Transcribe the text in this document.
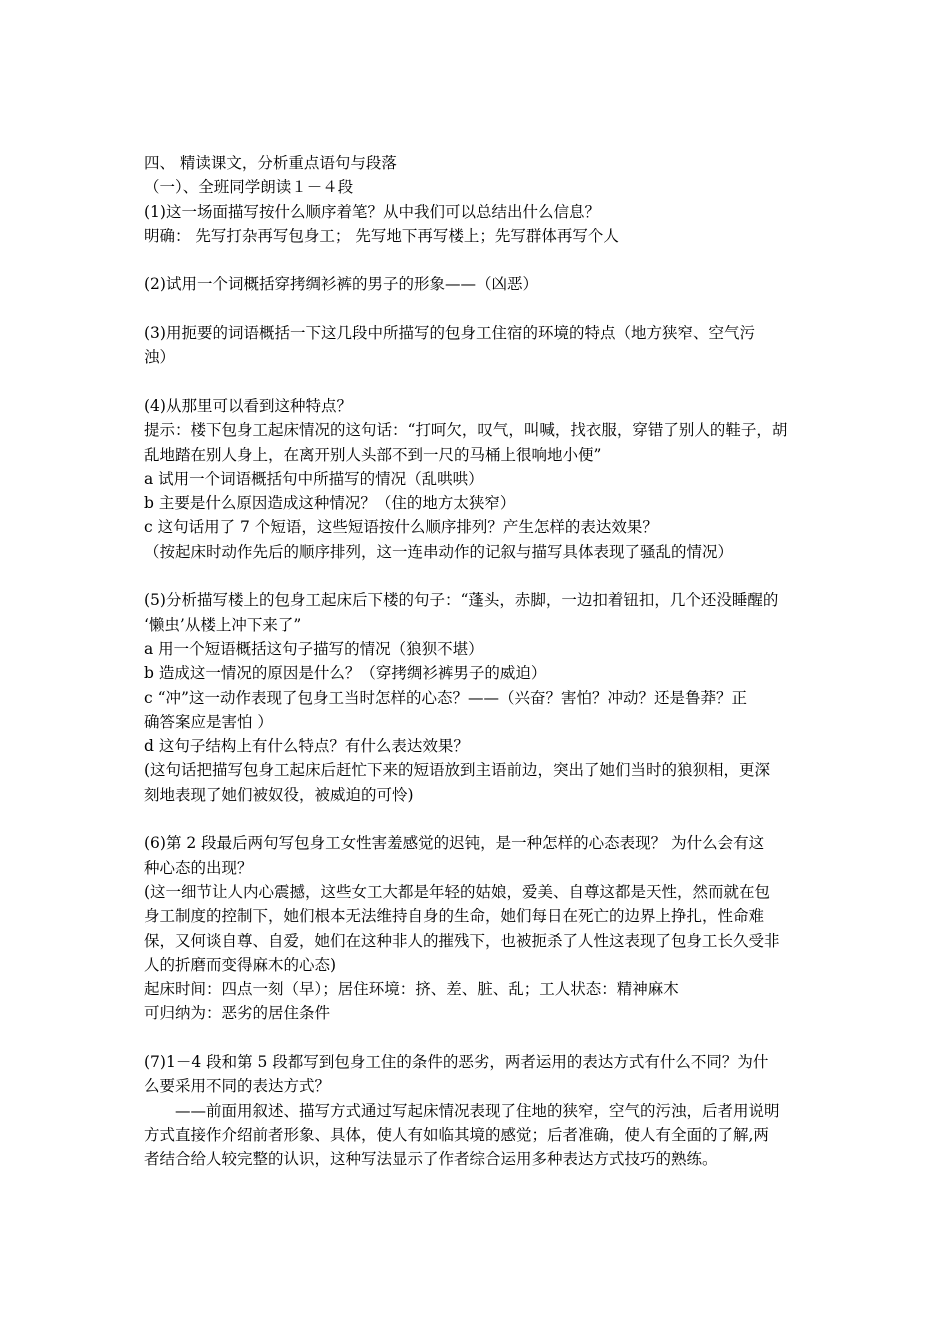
四、 精读课文，分析重点语句与段落
（一）、全班同学朗读１－４段
(1)这一场面描写按什么顺序着笔？从中我们可以总结出什么信息？
明确： 先写打杂再写包身工； 先写地下再写楼上；先写群体再写个人
(2)试用一个词概括穿拷绸衫裤的男子的形象——（凶恶）
(3)用扼要的词语概括一下这几段中所描写的包身工住宿的环境的特点（地方狭窄、空气污
浊）
(4)从那里可以看到这种特点？
提示：楼下包身工起床情况的这句话：“打呵欠，叹气，叫喊，找衣服，穿错了别人的鞋子，胡
乱地踏在别人身上，在离开别人头部不到一尺的马桶上很响地小便”
a 试用一个词语概括句中所描写的情况（乱哄哄）
b 主要是什么原因造成这种情况？（住的地方太狭窄）
c 这句话用了 7 个短语，这些短语按什么顺序排列？产生怎样的表达效果？
（按起床时动作先后的顺序排列，这一连串动作的记叙与描写具体表现了骚乱的情况）
(5)分析描写楼上的包身工起床后下楼的句子：“蓬头，赤脚，一边扣着钮扣，几个还没睡醒的
‘懒虫’从楼上冲下来了”
a 用一个短语概括这句子描写的情况（狼狈不堪）
b 造成这一情况的原因是什么？（穿拷绸衫裤男子的威迫）
c “冲”这一动作表现了包身工当时怎样的心态？——（兴奋？害怕？冲动？还是鲁莽？正
确答案应是害怕 ）
d 这句子结构上有什么特点？有什么表达效果？
(这句话把描写包身工起床后赶忙下来的短语放到主语前边，突出了她们当时的狼狈相，更深
刻地表现了她们被奴役，被威迫的可怜)
(6)第 2 段最后两句写包身工女性害羞感觉的迟钝，是一种怎样的心态表现？ 为什么会有这
种心态的出现？
(这一细节让人内心震撼，这些女工大都是年轻的姑娘，爱美、自尊这都是天性，然而就在包
身工制度的控制下，她们根本无法维持自身的生命，她们每日在死亡的边界上挣扎，性命难
保，又何谈自尊、自爱，她们在这种非人的摧残下，也被扼杀了人性这表现了包身工长久受非
人的折磨而变得麻木的心态)
起床时间：四点一刻（早）；居住环境：挤、差、脏、乱；工人状态：精神麻木
可归纳为：恶劣的居住条件
(7)1－4 段和第 5 段都写到包身工住的条件的恶劣，两者运用的表达方式有什么不同？为什
么要采用不同的表达方式？
——前面用叙述、描写方式通过写起床情况表现了住地的狭窄，空气的污浊，后者用说明
方式直接作介绍前者形象、具体，使人有如临其境的感觉；后者准确，使人有全面的了解,两
者结合给人较完整的认识，这种写法显示了作者综合运用多种表达方式技巧的熟练。
